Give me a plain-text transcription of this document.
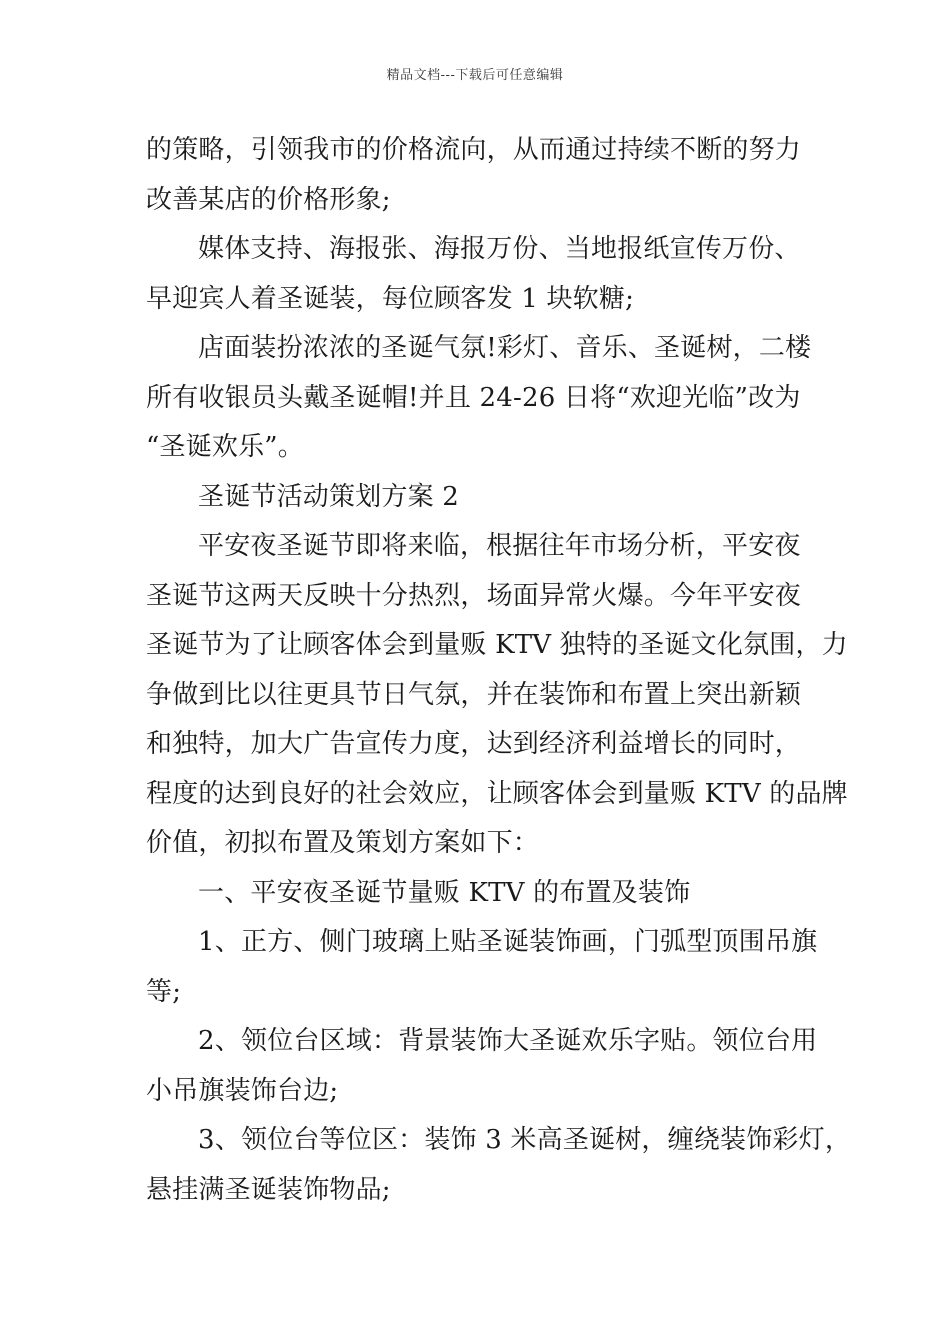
精品文档---下载后可任意编辑
的策略，引领我市的价格流向，从而通过持续不断的努力
改善某店的价格形象;
媒体支持、海报张、海报万份、当地报纸宣传万份、
早迎宾人着圣诞装，每位顾客发 1 块软糖;
店面装扮浓浓的圣诞气氛!彩灯、音乐、圣诞树，二楼
所有收银员头戴圣诞帽!并且 24-26 日将“欢迎光临”改为
“圣诞欢乐”。
圣诞节活动策划方案 2
平安夜圣诞节即将来临，根据往年市场分析，平安夜
圣诞节这两天反映十分热烈，场面异常火爆。今年平安夜
圣诞节为了让顾客体会到量贩 KTV 独特的圣诞文化氛围，力
争做到比以往更具节日气氛，并在装饰和布置上突出新颖
和独特，加大广告宣传力度，达到经济利益增长的同时，
程度的达到良好的社会效应，让顾客体会到量贩 KTV 的品牌
价值，初拟布置及策划方案如下：
一、平安夜圣诞节量贩 KTV 的布置及装饰
1、正方、侧门玻璃上贴圣诞装饰画，门弧型顶围吊旗
等;
2、领位台区域：背景装饰大圣诞欢乐字贴。领位台用
小吊旗装饰台边;
3、领位台等位区：装饰 3 米高圣诞树，缠绕装饰彩灯，
悬挂满圣诞装饰物品;
